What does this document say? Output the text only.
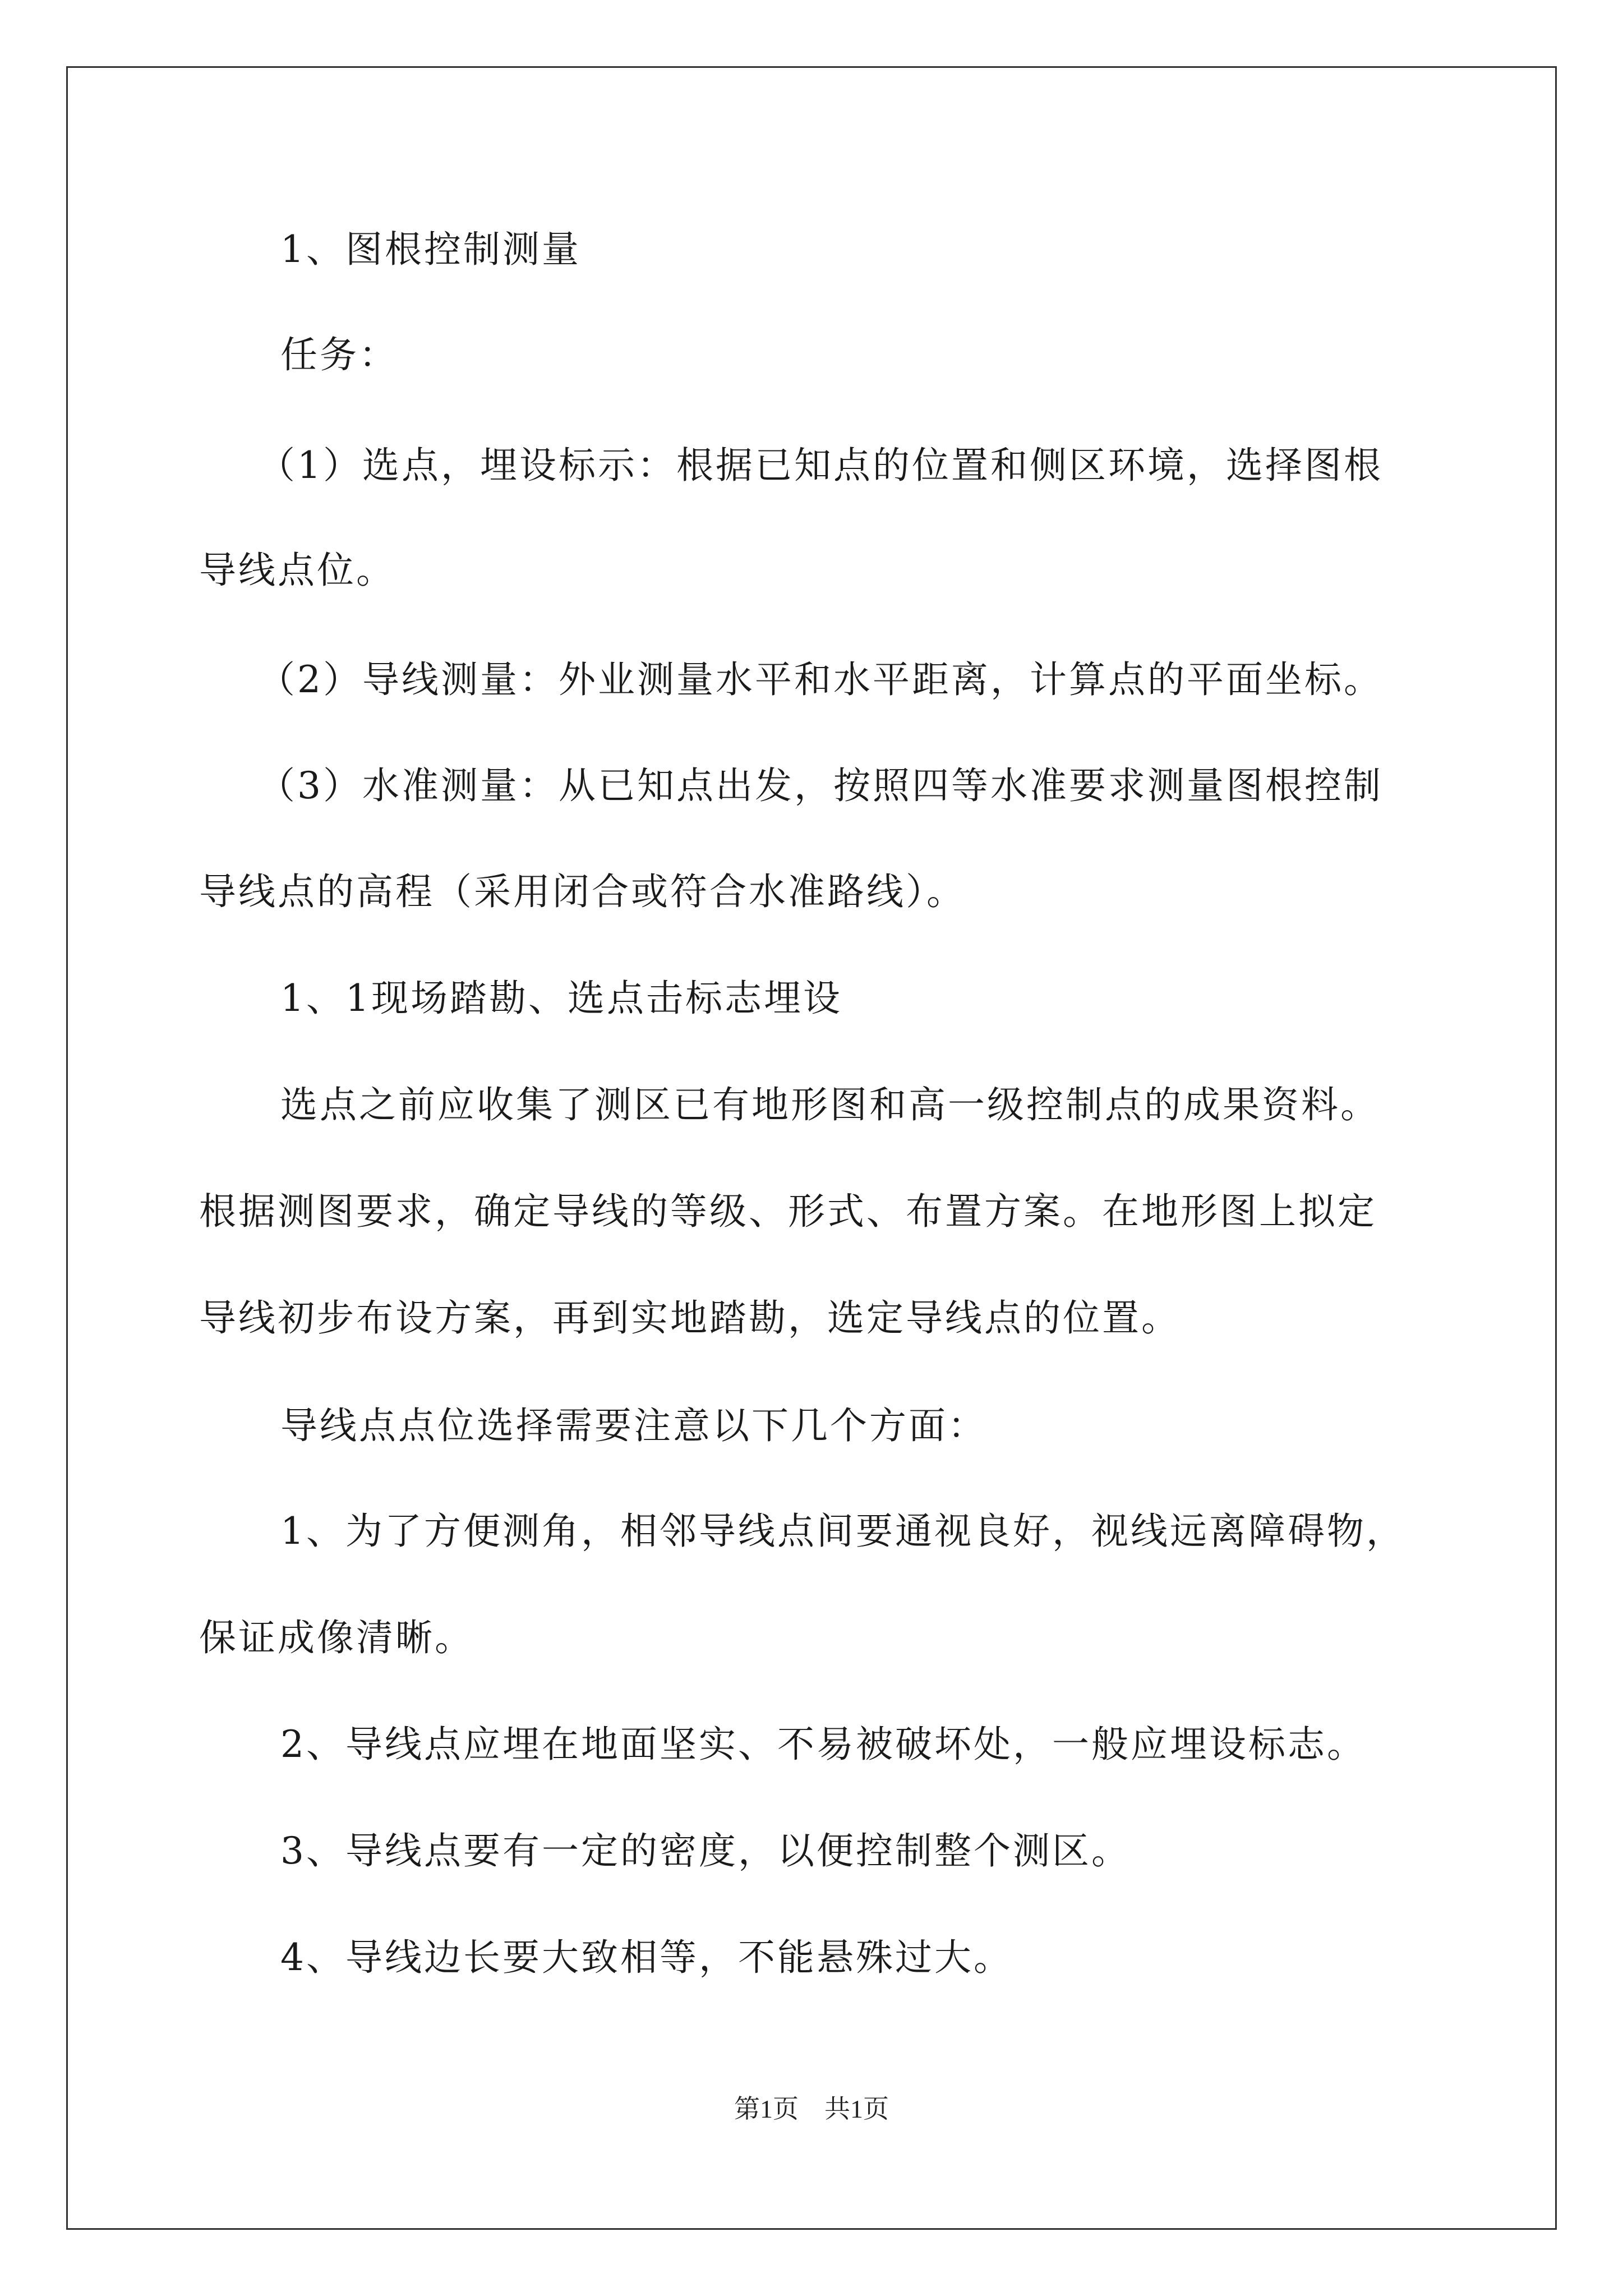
1、图根控制测量
任务：
（1）选点，埋设标示：根据已知点的位置和侧区环境，选择图根
导线点位。
（2）导线测量：外业测量水平和水平距离，计算点的平面坐标。
（3）水准测量：从已知点出发，按照四等水准要求测量图根控制
导线点的高程（采用闭合或符合水准路线）。
1、1现场踏勘、选点击标志埋设
选点之前应收集了测区已有地形图和高一级控制点的成果资料。
根据测图要求，确定导线的等级、形式、布置方案。在地形图上拟定
导线初步布设方案，再到实地踏勘，选定导线点的位置。
导线点点位选择需要注意以下几个方面：
1、为了方便测角，相邻导线点间要通视良好，视线远离障碍物，
保证成像清晰。
2、导线点应埋在地面坚实、不易被破坏处，一般应埋设标志。
3、导线点要有一定的密度，以便控制整个测区。
4、导线边长要大致相等，不能悬殊过大。
第1页　共1页
